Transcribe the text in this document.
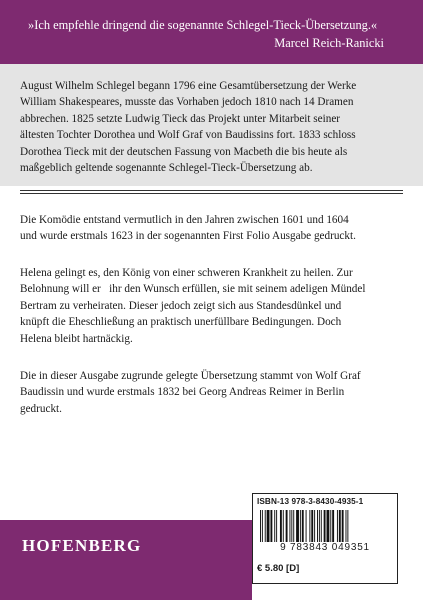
»Ich empfehle dringend die sogenannte Schlegel-Tieck-Übersetzung.«
Marcel Reich-Ranicki
August Wilhelm Schlegel begann 1796 eine Gesamtübersetzung der Werke
William Shakespeares, musste das Vorhaben jedoch 1810 nach 14 Dramen
abbrechen. 1825 setzte Ludwig Tieck das Projekt unter Mitarbeit seiner
ältesten Tochter Dorothea und Wolf Graf von Baudissins fort. 1833 schloss
Dorothea Tieck mit der deutschen Fassung von Macbeth die bis heute als
maßgeblich geltende sogenannte Schlegel-Tieck-Übersetzung ab.
Die Komödie entstand vermutlich in den Jahren zwischen 1601 und 1604
und wurde erstmals 1623 in der sogenannten First Folio Ausgabe gedruckt.
Helena gelingt es, den König von einer schweren Krankheit zu heilen. Zur
Belohnung will er   ihr den Wunsch erfüllen, sie mit seinem adeligen Mündel
Bertram zu verheiraten. Dieser jedoch zeigt sich aus Standesdünkel und
knüpft die Eheschließung an praktisch unerfüllbare Bedingungen. Doch
Helena bleibt hartnäckig.
Die in dieser Ausgabe zugrunde gelegte Übersetzung stammt von Wolf Graf
Baudissin und wurde erstmals 1832 bei Georg Andreas Reimer in Berlin
gedruckt.
HOFENBERG
ISBN-13 978-3-8430-4935-1
9 783843 049351
€ 5.80 [D]
